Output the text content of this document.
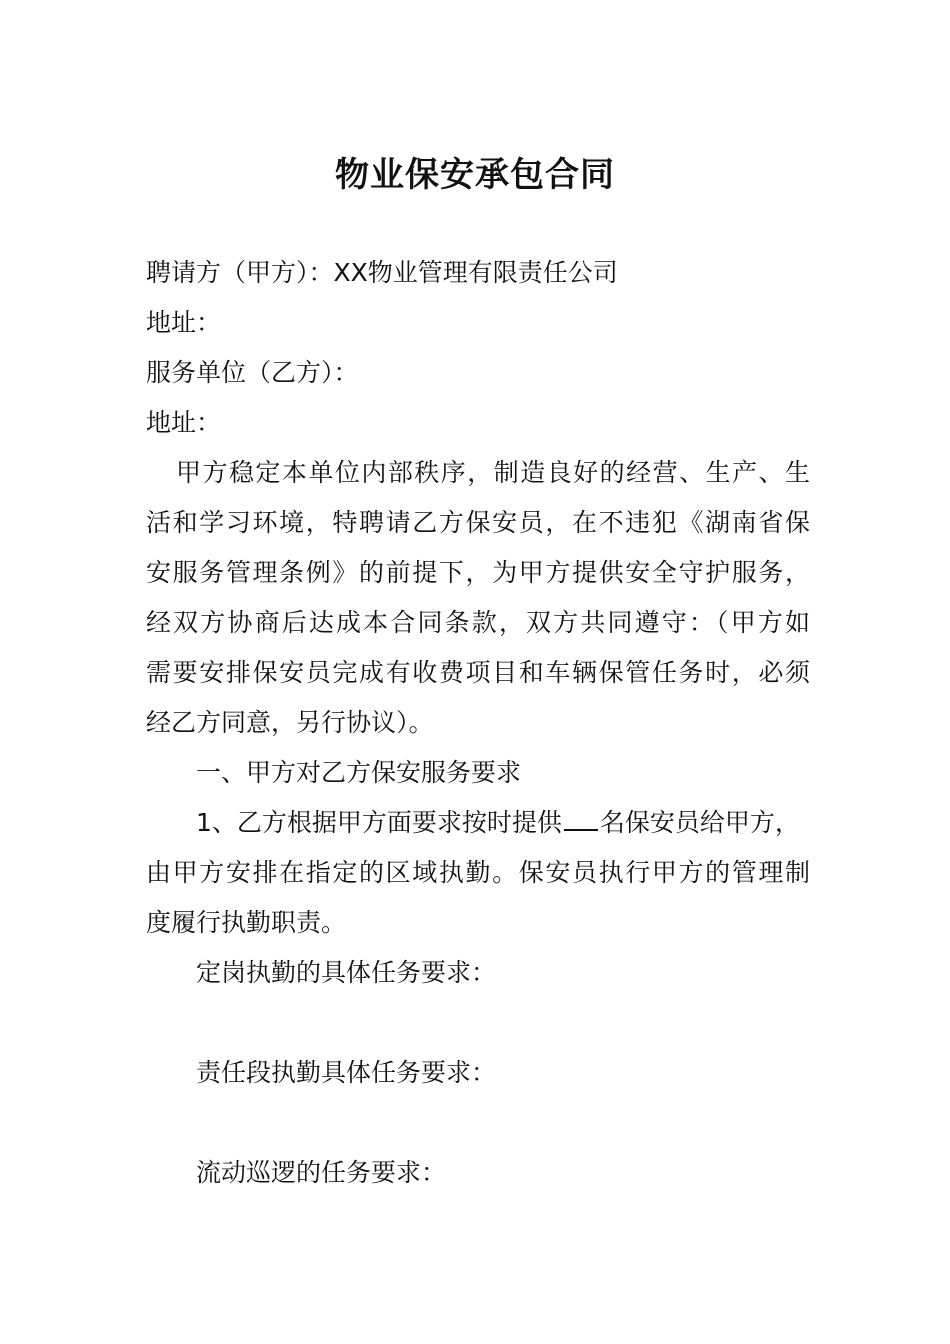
物业保安承包合同

聘请方（甲方）：XX物业管理有限责任公司

地址：

服务单位（乙方）：

地址：

甲方稳定本单位内部秩序，制造良好的经营、生产、生

活和学习环境，特聘请乙方保安员，在不违犯《湖南省保

安服务管理条例》的前提下，为甲方提供安全守护服务，

经双方协商后达成本合同条款，双方共同遵守：（甲方如

需要安排保安员完成有收费项目和车辆保管任务时，必须

经乙方同意，另行协议）。

一、甲方对乙方保安服务要求

1、乙方根据甲方面要求按时提供 名保安员给甲方，

由甲方安排在指定的区域执勤。保安员执行甲方的管理制

度履行执勤职责。

定岗执勤的具体任务要求：

责任段执勤具体任务要求：

流动巡逻的任务要求：
